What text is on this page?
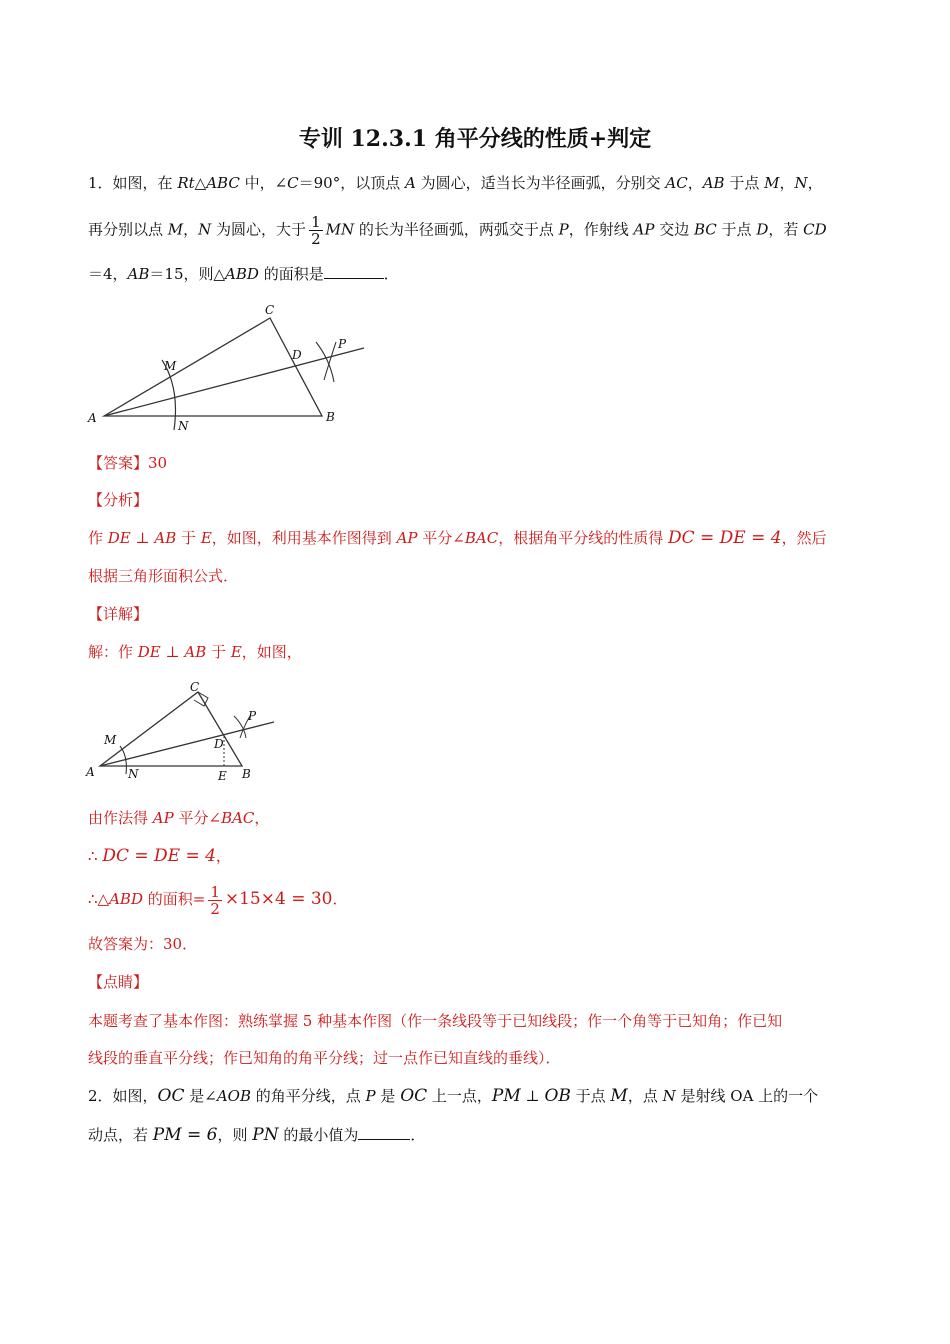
专训 12.3.1 角平分线的性质+判定
1．如图，在 Rt△ABC 中，∠C＝90°，以顶点 A 为圆心，适当长为半径画弧，分别交 AC，AB 于点 M，N，
再分别以点 M，N 为圆心，大于 $\frac{1}{2}$ MN 的长为半径画弧，两弧交于点 P，作射线 AP 交边 BC 于点 D，若 CD
＝4，AB＝15，则△ABD 的面积是	．
A	B
C
D
M
N
P
【答案】30
【分析】
作 DE ⊥ AB 于 E，如图，利用基本作图得到 AP 平分∠BAC，根据角平分线的性质得 DC = DE = 4，然后
根据三角形面积公式．
【详解】
解：作 DE ⊥ AB 于 E，如图，
A	B
C
D
E
M
N
P
由作法得 AP 平分∠BAC，
∴ DC = DE = 4，
∴△ABD 的面积= $\frac{1}{2} \times 15\times 4 = 30$．
故答案为：30．
【点睛】
本题考查了基本作图：熟练掌握 5 种基本作图（作一条线段等于已知线段；作一个角等于已知角；作已知
线段的垂直平分线；作已知角的角平分线；过一点作已知直线的垂线）．
2．如图，OC 是∠AOB 的角平分线，点 P 是 OC 上一点，PM ⊥ OB 于点 M，点 N 是射线 OA 上的一个
动点，若 PM = 6，则 PN 的最小值为	．
